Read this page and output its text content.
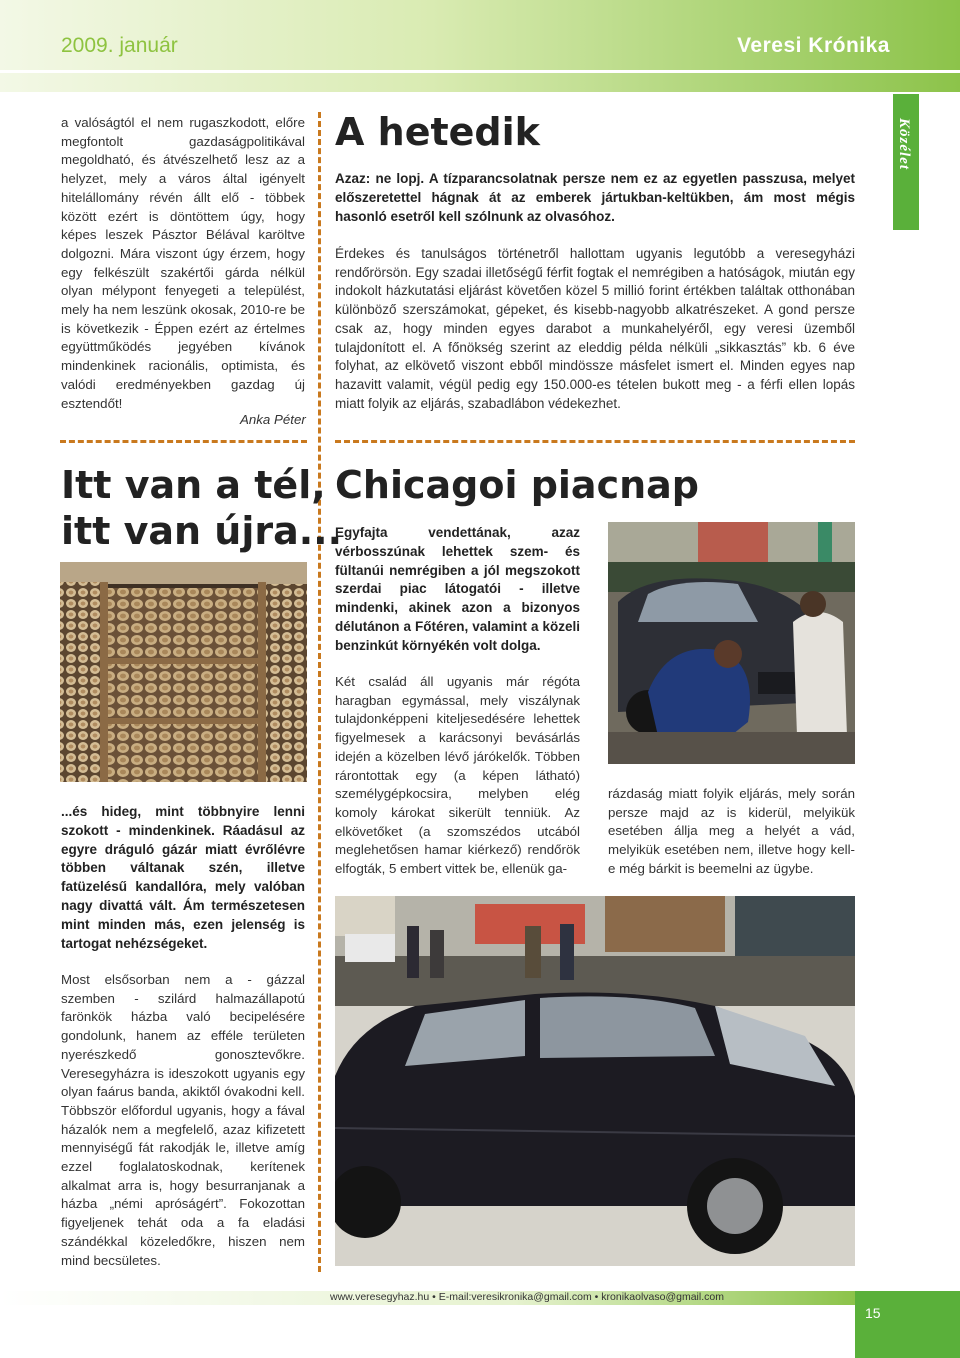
2009. január	Veresi Krónika
Közélet
a valóságtól el nem rugaszkodott, előre megfontolt gazdaságpolitikával megoldható, és átvészelhető lesz az a helyzet, mely a város által igényelt hitelállomány révén állt elő - többek között ezért is döntöttem úgy, hogy képes leszek Pásztor Bélával karöltve dolgozni. Mára viszont úgy érzem, hogy egy felkészült szakértői gárda nélkül olyan mélypont fenyegeti a települést, mely ha nem leszünk okosak, 2010-re be is következik - Éppen ezért az értelmes együttműködés jegyében kívánok mindenkinek racionális, optimista, és valódi eredményekben gazdag új esztendőt!
Anka Péter
A hetedik
Azaz: ne lopj. A tízparancsolatnak persze nem ez az egyetlen passzusa, melyet előszeretettel hágnak át az emberek jártukban-keltükben, ám most mégis hasonló esetről kell szólnunk az olvasóhoz.
Érdekes és tanulságos történetről hallottam ugyanis legutóbb a veresegyházi rendőrörsön. Egy szadai illetőségű férfit fogtak el nemrégiben a hatóságok, miután egy indokolt házkutatási eljárást követően közel 5 millió forint értékben találtak otthonában különböző szerszámokat, gépeket, és kisebb-nagyobb alkatrészeket. A gond persze csak az, hogy minden egyes darabot a munkahelyéről, egy veresi üzemből tulajdonított el. A főnökség szerint az eleddig példa nélküli „sikkasztás” kb. 6 éve folyhat, az elkövető viszont ebből mindössze másfelet ismert el. Minden egyes nap hazavitt valamit, végül pedig egy 150.000-es tételen bukott meg - a férfi ellen lopás miatt folyik az eljárás, szabadlábon védekezhet.
Itt van a tél,
itt van újra...
...és hideg, mint többnyire lenni szokott - mindenkinek. Ráadásul az egyre dráguló gázár miatt évrőlévre többen váltanak szén, illetve fatüzelésű kandallóra, mely valóban nagy divattá vált. Ám természetesen mint minden más, ezen jelenség is tartogat nehézségeket.
Most elsősorban nem a - gázzal szemben - szilárd halmazállapotú farönkök házba való becipelésére gondolunk, hanem az efféle területen nyerészkedő gonosztevőkre. Veresegyházra is ideszokott ugyanis egy olyan faárus banda, akiktől óvakodni kell. Többször előfordul ugyanis, hogy a fával házalók nem a megfelelő, azaz kifizetett mennyiségű fát rakodják le, illetve amíg ezzel foglalatoskodnak, kerítenek alkalmat arra is, hogy besurranjanak a házba „némi apróságért”. Fokozottan figyeljenek tehát oda a fa eladási szándékkal közeledőkre, hiszen nem mind becsületes.
Chicagoi piacnap
Egyfajta vendettának, azaz vérbosszúnak lehettek szem- és fültanúi nemrégiben a jól megszokott szerdai piac látogatói - illetve mindenki, akinek azon a bizonyos délutánon a Főtéren, valamint a közeli benzinkút környékén volt dolga.
Két család áll ugyanis már régóta haragban egymással, mely viszálynak tulajdonképpeni kiteljesedésére lehettek figyelmesek a karácsonyi bevásárlás idején a közelben lévő járókelők. Többen rárontottak egy (a képen látható) személygépkocsira, melyben elég komoly károkat sikerült tenniük. Az elkövetőket (a szomszédos utcából meglehetősen hamar kiérkező) rendőrök elfogták, 5 embert vittek be, ellenük ga-
rázdaság miatt folyik eljárás, mely során persze majd az is kiderül, melyikük esetében állja meg a helyét a vád, melyikük esetében nem, illetve hogy kell-e még bárkit is beemelni az ügybe.
www.veresegyhaz.hu • E-mail:veresikronika@gmail.com • kronikaolvaso@gmail.com
15
